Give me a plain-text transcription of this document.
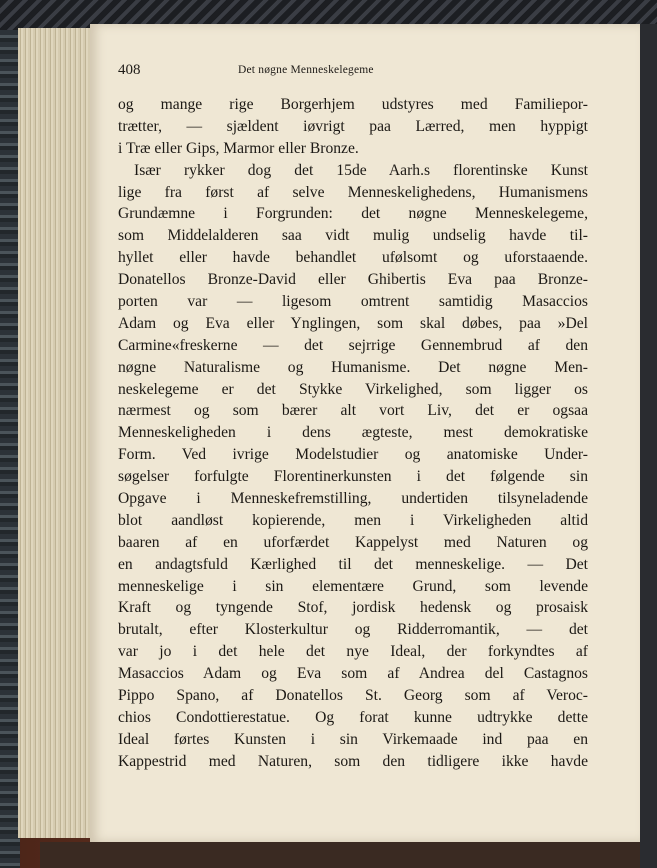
408	Det nøgne Menneskelegeme
og mange rige Borgerhjem udstyres med Familiepor-
trætter, — sjældent iøvrigt paa Lærred, men hyppigt
i Træ eller Gips, Marmor eller Bronze.
Især rykker dog det 15de Aarh.s florentinske Kunst
lige fra først af selve Menneskelighedens, Humanismens
Grundæmne i Forgrunden: det nøgne Menneskelegeme,
som Middelalderen saa vidt mulig undselig havde til-
hyllet eller havde behandlet ufølsomt og uforstaaende.
Donatellos Bronze-David eller Ghibertis Eva paa Bronze-
porten var — ligesom omtrent samtidig Masaccios
Adam og Eva eller Ynglingen, som skal døbes, paa »Del
Carmine«freskerne — det sejrrige Gennembrud af den
nøgne Naturalisme og Humanisme. Det nøgne Men-
neskelegeme er det Stykke Virkelighed, som ligger os
nærmest og som bærer alt vort Liv, det er ogsaa
Menneskeligheden i dens ægteste, mest demokratiske
Form. Ved ivrige Modelstudier og anatomiske Under-
søgelser forfulgte Florentinerkunsten i det følgende sin
Opgave i Menneskefremstilling, undertiden tilsyneladende
blot aandløst kopierende, men i Virkeligheden altid
baaren af en uforfærdet Kappelyst med Naturen og
en andagtsfuld Kærlighed til det menneskelige. — Det
menneskelige i sin elementære Grund, som levende
Kraft og tyngende Stof, jordisk hedensk og prosaisk
brutalt, efter Klosterkultur og Ridderromantik, — det
var jo i det hele det nye Ideal, der forkyndtes af
Masaccios Adam og Eva som af Andrea del Castagnos
Pippo Spano, af Donatellos St. Georg som af Veroc-
chios Condottierestatue. Og forat kunne udtrykke dette
Ideal førtes Kunsten i sin Virkemaade ind paa en
Kappestrid med Naturen, som den tidligere ikke havde
